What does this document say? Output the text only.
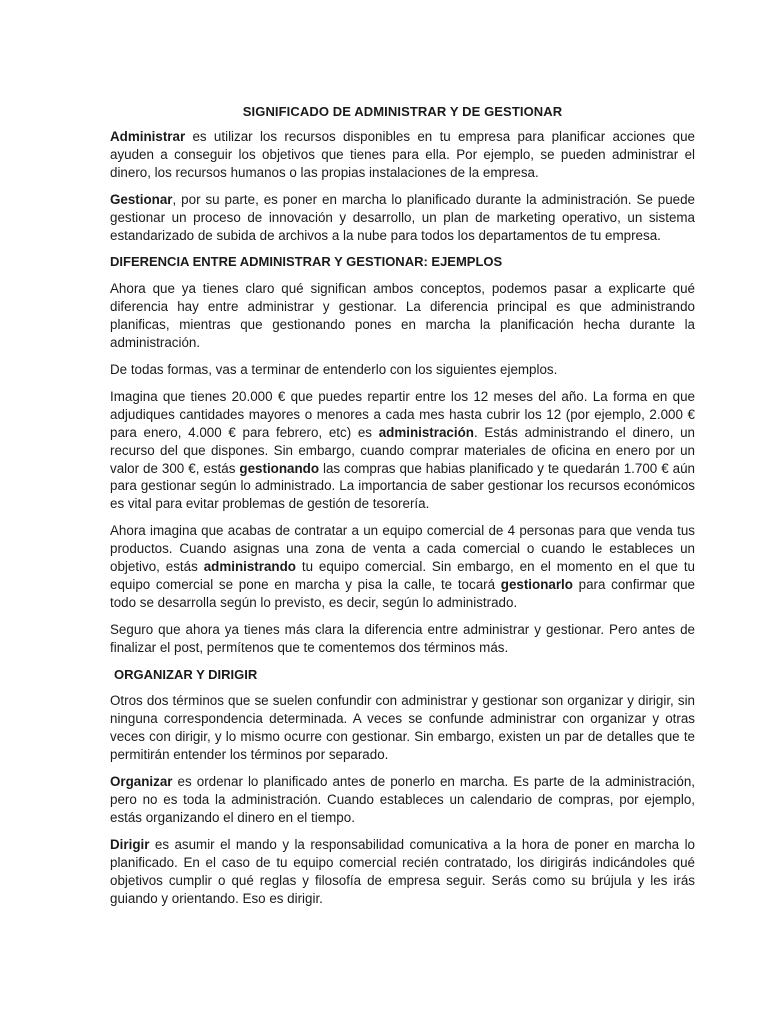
SIGNIFICADO DE ADMINISTRAR Y DE GESTIONAR

Administrar es utilizar los recursos disponibles en tu empresa para planificar acciones que ayuden a conseguir los objetivos que tienes para ella. Por ejemplo, se pueden administrar el dinero, los recursos humanos o las propias instalaciones de la empresa.

Gestionar, por su parte, es poner en marcha lo planificado durante la administración. Se puede gestionar un proceso de innovación y desarrollo, un plan de marketing operativo, un sistema estandarizado de subida de archivos a la nube para todos los departamentos de tu empresa.

DIFERENCIA ENTRE ADMINISTRAR Y GESTIONAR: EJEMPLOS

Ahora que ya tienes claro qué significan ambos conceptos, podemos pasar a explicarte qué diferencia hay entre administrar y gestionar. La diferencia principal es que administrando planificas, mientras que gestionando pones en marcha la planificación hecha durante la administración.

De todas formas, vas a terminar de entenderlo con los siguientes ejemplos.

Imagina que tienes 20.000 € que puedes repartir entre los 12 meses del año. La forma en que adjudiques cantidades mayores o menores a cada mes hasta cubrir los 12 (por ejemplo, 2.000 € para enero, 4.000 € para febrero, etc) es administración. Estás administrando el dinero, un recurso del que dispones. Sin embargo, cuando comprar materiales de oficina en enero por un valor de 300 €, estás gestionando las compras que habias planificado y te quedarán 1.700 € aún para gestionar según lo administrado. La importancia de saber gestionar los recursos económicos es vital para evitar problemas de gestión de tesorería.

Ahora imagina que acabas de contratar a un equipo comercial de 4 personas para que venda tus productos. Cuando asignas una zona de venta a cada comercial o cuando le estableces un objetivo, estás administrando tu equipo comercial. Sin embargo, en el momento en el que tu equipo comercial se pone en marcha y pisa la calle, te tocará gestionarlo para confirmar que todo se desarrolla según lo previsto, es decir, según lo administrado.

Seguro que ahora ya tienes más clara la diferencia entre administrar y gestionar. Pero antes de finalizar el post, permítenos que te comentemos dos términos más.

ORGANIZAR Y DIRIGIR

Otros dos términos que se suelen confundir con administrar y gestionar son organizar y dirigir, sin ninguna correspondencia determinada. A veces se confunde administrar con organizar y otras veces con dirigir, y lo mismo ocurre con gestionar. Sin embargo, existen un par de detalles que te permitirán entender los términos por separado.

Organizar es ordenar lo planificado antes de ponerlo en marcha. Es parte de la administración, pero no es toda la administración. Cuando estableces un calendario de compras, por ejemplo, estás organizando el dinero en el tiempo.

Dirigir es asumir el mando y la responsabilidad comunicativa a la hora de poner en marcha lo planificado. En el caso de tu equipo comercial recién contratado, los dirigirás indicándoles qué objetivos cumplir o qué reglas y filosofía de empresa seguir. Serás como su brújula y les irás guiando y orientando. Eso es dirigir.
